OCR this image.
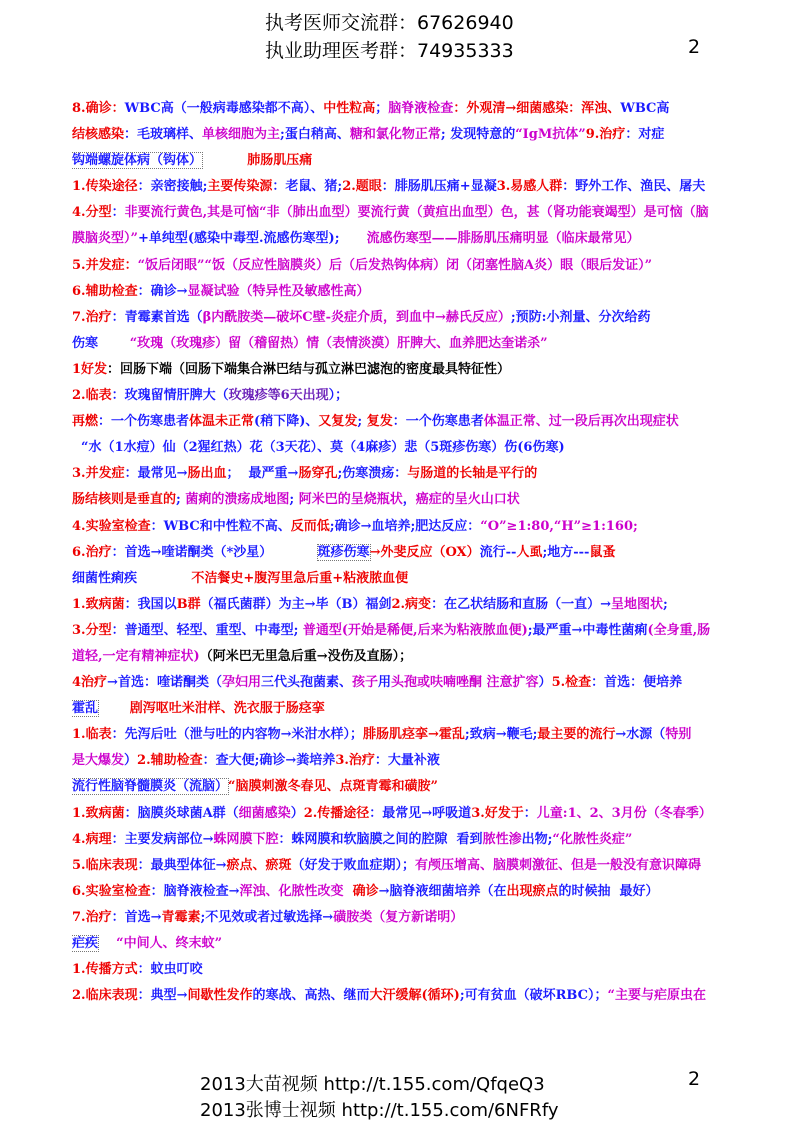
执考医师交流群：67626940
执业助理医考群：74935333	2
8.确诊：WBC高（一般病毒感染都不高）、中性粒高；脑脊液检查：外观清→细菌感染：浑浊、WBC高
结核感染：毛玻璃样、单核细胞为主;蛋白稍高、糖和氯化物正常; 发现特意的“IgM抗体”9.治疗：对症
钩端螺旋体病（钩体）	肺肠肌压痛
1.传染途径：亲密接触;主要传染源：老鼠、猪;2.题眼：腓肠肌压痛+显凝3.易感人群：野外工作、渔民、屠夫
4.分型：非要流行黄色,其是可恼“非（肺出血型）要流行黄（黄疸出血型）色，甚（肾功能衰竭型）是可恼（脑
膜脑炎型）”+单纯型(感染中毒型.流感伤寒型); 流感伤寒型——腓肠肌压痛明显（临床最常见）
5.并发症：“饭后闭眼”“饭（反应性脑膜炎）后（后发热钩体病）闭（闭塞性脑A炎）眼（眼后发证）”
6.辅助检查：确诊→显凝试验（特异性及敏感性高）
7.治疗：青霉素首选（β内酰胺类—破坏C壁-炎症介质，到血中→赫氏反应）;预防:小剂量、分次给药
伤寒 “玫瑰（玫瑰疹）留（稽留热）情（表情淡漠）肝脾大、血养肥达奎诺杀”
1好发：回肠下端（回肠下端集合淋巴结与孤立淋巴滤泡的密度最具特征性）
2.临表：玫瑰留情肝脾大（玫瑰疹等6天出现）；
再燃：一个伤寒患者体温未正常(稍下降)、又复发; 复发：一个伤寒患者体温正常、过一段后再次出现症状
“水（1水痘）仙（2猩红热）花（3天花）、莫（4麻疹）悲（5斑疹伤寒）伤(6伤寒)
3.并发症：最常见→肠出血；  最严重→肠穿孔;伤寒溃疡：与肠道的长轴是平行的
肠结核则是垂直的; 菌痢的溃疡成地图; 阿米巴的呈烧瓶状，癌症的呈火山口状
4.实验室检查：WBC和中性粒不高、反而低;确诊→血培养;肥达反应：“O”≥1:80,“H”≥1:160;
6.治疗：首选→喹诺酮类（*沙星）	斑疹伤寒→外斐反应（OX）流行--人虱;地方---鼠蚤
细菌性痢疾	不洁餐史+腹泻里急后重+粘液脓血便
1.致病菌：我国以B群（福氏菌群）为主→毕（B）福剑2.病变：在乙状结肠和直肠（一直）→呈地图状;
3.分型：普通型、轻型、重型、中毒型; 普通型(开始是稀便,后来为粘液脓血便);最严重→中毒性菌痢(全身重,肠
道轻,一定有精神症状)（阿米巴无里急后重→没伤及直肠）；
4治疗→首选：喹诺酮类（孕妇用三代头孢菌素、孩子用头孢或呋喃唑酮 注意扩容）5.检查：首选：便培养
霍乱 剧泻呕吐米泔样、洗衣服于肠痉挛
1.临表：先泻后吐（泄与吐的内容物→米泔水样）；腓肠肌痉挛→霍乱;致病→鞭毛;最主要的流行→水源（特别
是大爆发）2.辅助检查：查大便;确诊→粪培养3.治疗：大量补液
流行性脑脊髓膜炎（流脑）“脑膜刺激冬春见、点斑青霉和磺胺”
1.致病菌：脑膜炎球菌A群（细菌感染）2.传播途径：最常见→呼吸道3.好发于：儿童:1、2、3月份（冬春季）
4.病理：主要发病部位→蛛网膜下腔：蛛网膜和软脑膜之间的腔隙  看到脓性渗出物;“化脓性炎症”
5.临床表现：最典型体征→瘀点、瘀斑（好发于败血症期）；有颅压增高、脑膜刺激征、但是一般没有意识障碍
6.实验室检查：脑脊液检查→浑浊、化脓性改变 确诊→脑脊液细菌培养（在出现瘀点的时候抽  最好）
7.治疗：首选→青霉素;不见效或者过敏选择→磺胺类（复方新诺明）
疟疾 “中间人、终末蚊”
1.传播方式：蚊虫叮咬
2.临床表现：典型→间歇性发作的寒战、高热、继而大汗缓解(循环);可有贫血（破坏RBC）；“主要与疟原虫在
2013大苗视频 http://t.155.com/QfqeQ3
2013张博士视频 http://t.155.com/6NFRfy
2
